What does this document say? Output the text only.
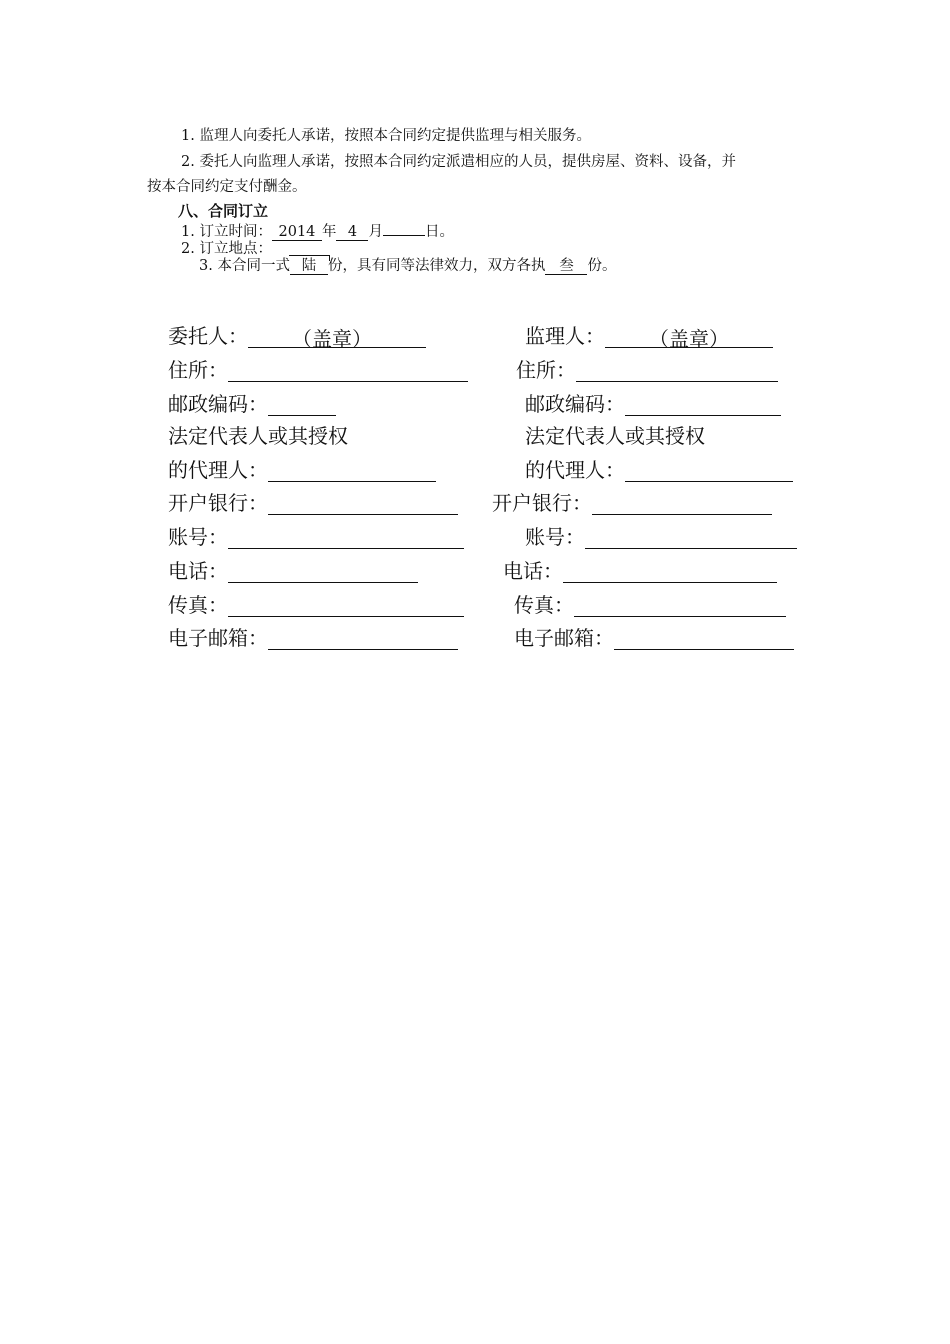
1. 监理人向委托人承诺，按照本合同约定提供监理与相关服务。
2. 委托人向监理人承诺，按照本合同约定派遣相应的人员，提供房屋、资料、设备，并
按本合同约定支付酬金。
八、合同订立
1. 订立时间： 2014 年 4 月	日。
2. 订立地点：
3. 本合同一式 陆 份，具有同等法律效力，双方各执 叁 份。
委托人： （盖章）
住所：
邮政编码：
法定代表人或其授权
的代理人：
开户银行：
账号：
电话：
传真：
电子邮箱：
监理人： （盖章）
住所：
邮政编码：
法定代表人或其授权
的代理人：
开户银行：
账号：
电话：
传真：
电子邮箱：
